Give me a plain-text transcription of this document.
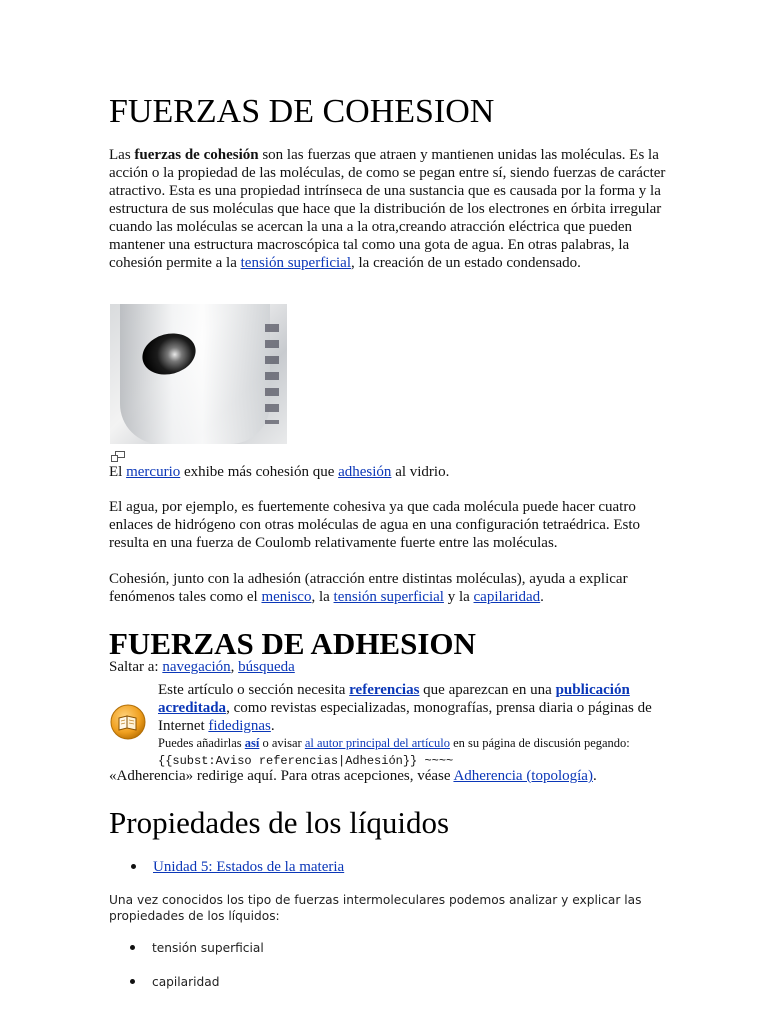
FUERZAS DE COHESION
Las fuerzas de cohesión son las fuerzas que atraen y mantienen unidas las moléculas. Es la acción o la propiedad de las moléculas, de como se pegan entre sí, siendo fuerzas de carácter atractivo. Esta es una propiedad intrínseca de una sustancia que es causada por la forma y la estructura de sus moléculas que hace que la distribución de los electrones en órbita irregular cuando las moléculas se acercan la una a la otra,creando atracción eléctrica que pueden mantener una estructura macroscópica tal como una gota de agua. En otras palabras, la cohesión permite a la tensión superficial, la creación de un estado condensado.
El mercurio exhibe más cohesión que adhesión al vidrio.
El agua, por ejemplo, es fuertemente cohesiva ya que cada molécula puede hacer cuatro enlaces de hidrógeno con otras moléculas de agua en una configuración tetraédrica. Esto resulta en una fuerza de Coulomb relativamente fuerte entre las moléculas.
Cohesión, junto con la adhesión (atracción entre distintas moléculas), ayuda a explicar fenómenos tales como el menisco, la tensión superficial y la capilaridad.
FUERZAS DE ADHESION
Saltar a: navegación, búsqueda
Este artículo o sección necesita referencias que aparezcan en una publicación acreditada, como revistas especializadas, monografías, prensa diaria o páginas de Internet fidedignas.
Puedes añadirlas así o avisar al autor principal del artículo en su página de discusión pegando: {{subst:Aviso referencias|Adhesión}} ~~~~
«Adherencia» redirige aquí. Para otras acepciones, véase Adherencia (topología).
Propiedades de los líquidos
Unidad 5: Estados de la materia
Una vez conocidos los tipo de fuerzas intermoleculares podemos analizar y explicar las propiedades de los líquidos:
tensión superficial
capilaridad
